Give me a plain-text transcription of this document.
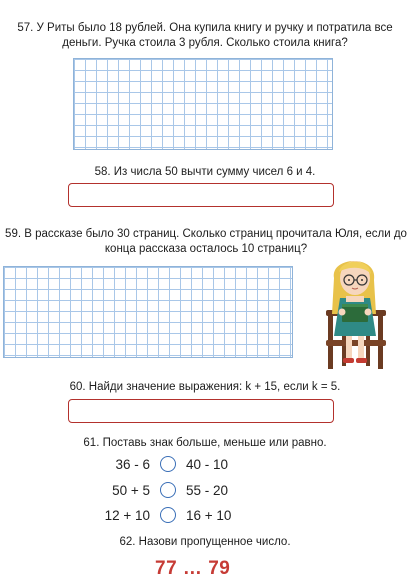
57. У Риты было 18 рублей. Она купила книгу и ручку и потратила все
деньги. Ручка стоила 3 рубля. Сколько стоила книга?
58. Из числа 50 вычти сумму чисел 6 и 4.
59. В рассказе было 30 страниц. Сколько страниц прочитала Юля, если до
конца рассказа осталось 10 страниц?
60. Найди значение выражения: k + 15, если k = 5.
61. Поставь знак больше, меньше или равно.
36 - 6	40 - 10
50 + 5	55 - 20
12 + 10	16 + 10
62. Назови пропущенное число.
77 … 79
